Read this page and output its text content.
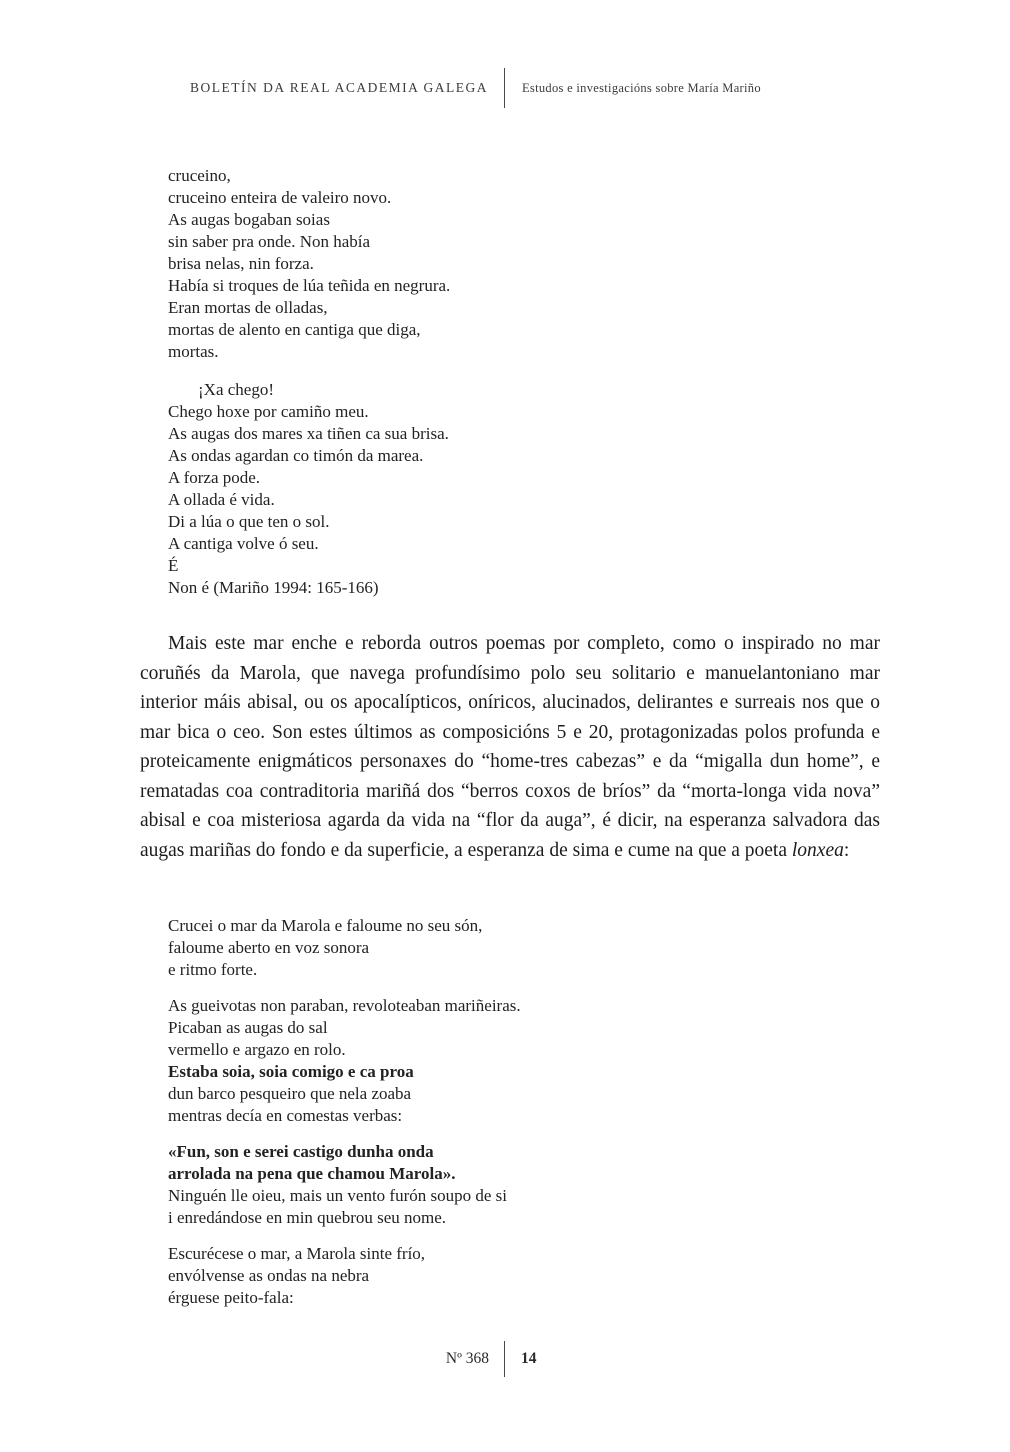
BOLETÍN DA REAL ACADEMIA GALEGA	Estudos e investigacións sobre María Mariño
cruceino,
cruceino enteira de valeiro novo.
As augas bogaban soias
sin saber pra onde. Non había
brisa nelas, nin forza.
Había si troques de lúa teñida en negrura.
Eran mortas de olladas,
mortas de alento en cantiga que diga,
mortas.
¡Xa chego!
Chego hoxe por camiño meu.
As augas dos mares xa tiñen ca sua brisa.
As ondas agardan co timón da marea.
A forza pode.
A ollada é vida.
Di a lúa o que ten o sol.
A cantiga volve ó seu.
É
Non é (Mariño 1994: 165-166)

Mais este mar enche e reborda outros poemas por completo, como o inspirado no mar coruñés da Marola, que navega profundísimo polo seu solitario e manuelantoniano mar interior máis abisal, ou os apocalípticos, oníricos, alucinados, delirantes e surreais nos que o mar bica o ceo. Son estes últimos as composicións 5 e 20, protagonizadas polos profunda e proteicamente enigmáticos personaxes do “home-tres cabezas” e da “migalla dun home”, e rematadas coa contraditoria mariñá dos “berros coxos de bríos” da “morta-longa vida nova” abisal e coa misteriosa agarda da vida na “flor da auga”, é dicir, na esperanza salvadora das augas mariñas do fondo e da superficie, a esperanza de sima e cume na que a poeta lonxea:

Crucei o mar da Marola e faloume no seu són,
faloume aberto en voz sonora
e ritmo forte.
As gueivotas non paraban, revoloteaban mariñeiras.
Picaban as augas do sal
vermello e argazo en rolo.
Estaba soia, soia comigo e ca proa
dun barco pesqueiro que nela zoaba
mentras decía en comestas verbas:
«Fun, son e serei castigo dunha onda
arrolada na pena que chamou Marola».
Ninguén lle oieu, mais un vento furón soupo de si
i enredándose en min quebrou seu nome.
Escurécese o mar, a Marola sinte frío,
envólvense as ondas na nebra
érguese peito-fala:
Nº 368	14
